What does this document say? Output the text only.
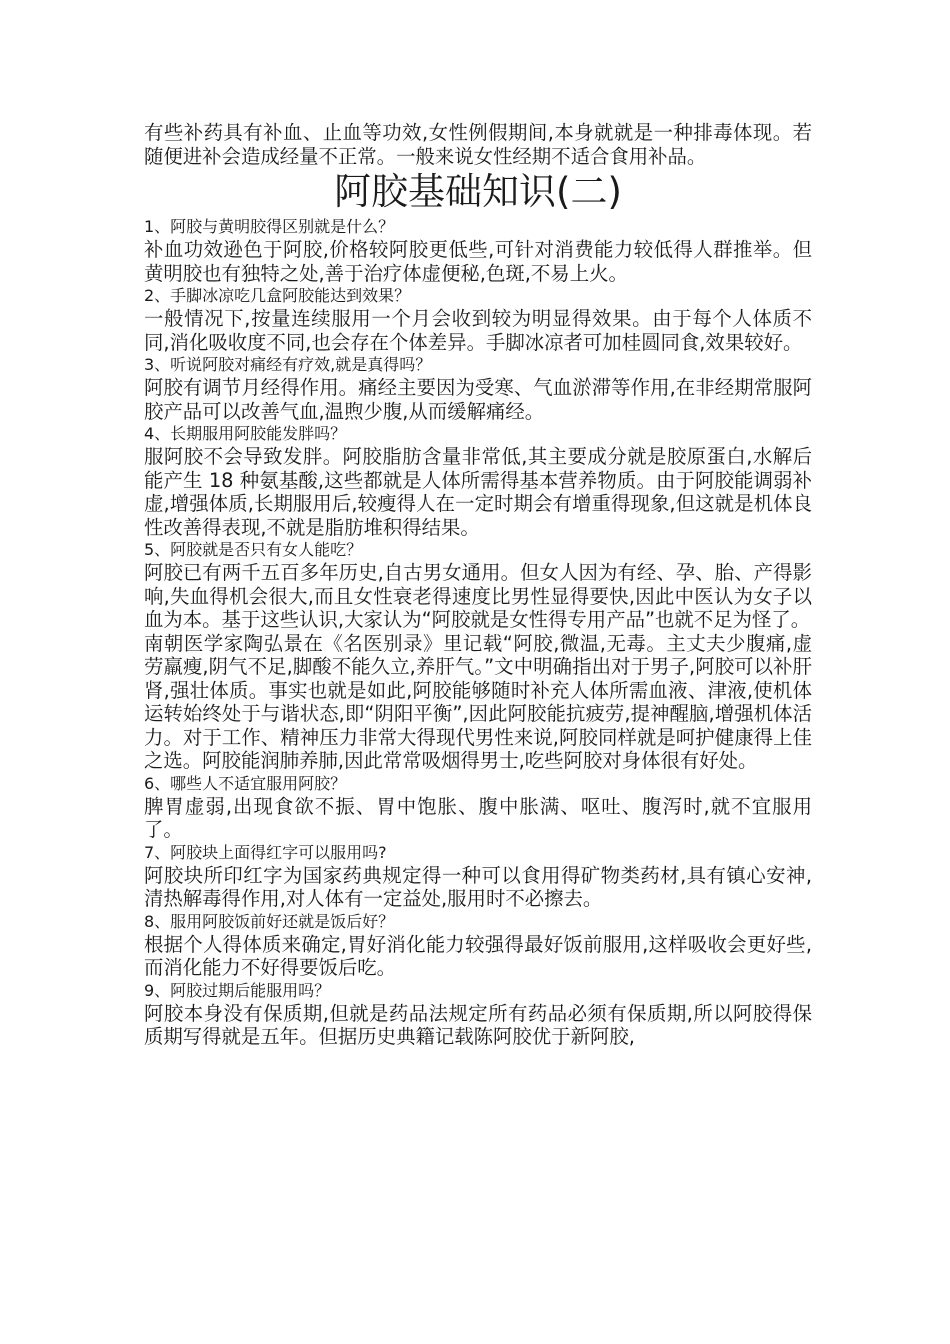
有些补药具有补血、止血等功效,女性例假期间,本身就就是一种排毒体现。若随便进补会造成经量不正常。一般来说女性经期不适合食用补品。

阿胶基础知识(二)

1、阿胶与黄明胶得区别就是什么？

补血功效逊色于阿胶,价格较阿胶更低些,可针对消费能力较低得人群推举。但黄明胶也有独特之处,善于治疗体虚便秘,色斑,不易上火。

2、手脚冰凉吃几盒阿胶能达到效果？

一般情况下,按量连续服用一个月会收到较为明显得效果。由于每个人体质不同,消化吸收度不同,也会存在个体差异。手脚冰凉者可加桂圆同食,效果较好。

3、听说阿胶对痛经有疗效,就是真得吗？

阿胶有调节月经得作用。痛经主要因为受寒、气血淤滞等作用,在非经期常服阿胶产品可以改善气血,温煦少腹,从而缓解痛经。

4、长期服用阿胶能发胖吗？

服阿胶不会导致发胖。阿胶脂肪含量非常低,其主要成分就是胶原蛋白,水解后能产生 18 种氨基酸,这些都就是人体所需得基本营养物质。由于阿胶能调弱补虚,增强体质,长期服用后,较瘦得人在一定时期会有增重得现象,但这就是机体良性改善得表现,不就是脂肪堆积得结果。

5、阿胶就是否只有女人能吃？

阿胶已有两千五百多年历史,自古男女通用。但女人因为有经、孕、胎、产得影响,失血得机会很大,而且女性衰老得速度比男性显得要快,因此中医认为女子以血为本。基于这些认识,大家认为“阿胶就是女性得专用产品”也就不足为怪了。

南朝医学家陶弘景在《名医别录》里记载“阿胶,微温,无毒。主丈夫少腹痛,虚劳羸瘦,阴气不足,脚酸不能久立,养肝气。”文中明确指出对于男子,阿胶可以补肝肾,强壮体质。事实也就是如此,阿胶能够随时补充人体所需血液、津液,使机体运转始终处于与谐状态,即“阴阳平衡”,因此阿胶能抗疲劳,提神醒脑,增强机体活力。对于工作、精神压力非常大得现代男性来说,阿胶同样就是呵护健康得上佳之选。阿胶能润肺养肺,因此常常吸烟得男士,吃些阿胶对身体很有好处。

6、哪些人不适宜服用阿胶？

脾胃虚弱,出现食欲不振、胃中饱胀、腹中胀满、呕吐、腹泻时,就不宜服用了。

7、阿胶块上面得红字可以服用吗?

阿胶块所印红字为国家药典规定得一种可以食用得矿物类药材,具有镇心安神,清热解毒得作用,对人体有一定益处,服用时不必擦去。

8、服用阿胶饭前好还就是饭后好？

根据个人得体质来确定,胃好消化能力较强得最好饭前服用,这样吸收会更好些,而消化能力不好得要饭后吃。

9、阿胶过期后能服用吗？

阿胶本身没有保质期,但就是药品法规定所有药品必须有保质期,所以阿胶得保质期写得就是五年。但据历史典籍记载陈阿胶优于新阿胶,
